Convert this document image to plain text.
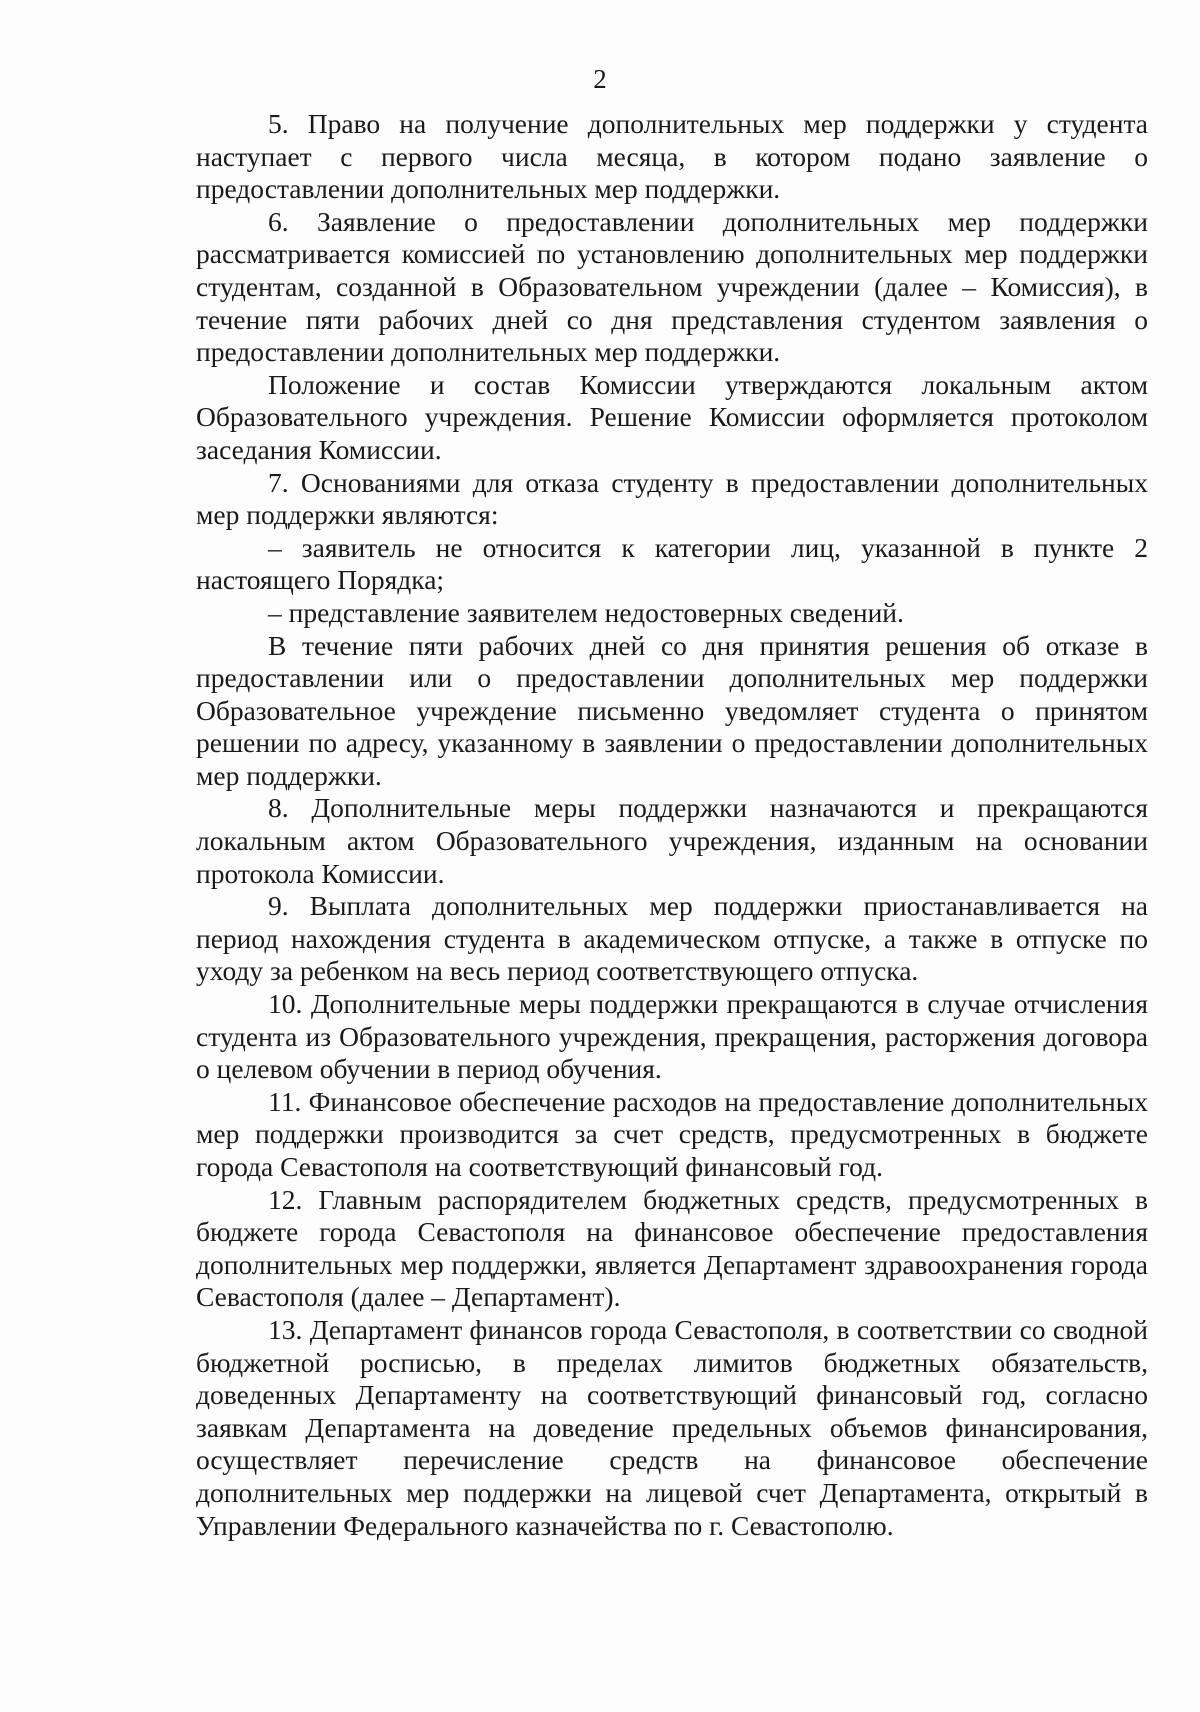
2

5. Право на получение дополнительных мер поддержки у студента наступает с первого числа месяца, в котором подано заявление о предоставлении дополнительных мер поддержки.

6. Заявление о предоставлении дополнительных мер поддержки рассматривается комиссией по установлению дополнительных мер поддержки студентам, созданной в Образовательном учреждении (далее – Комиссия), в течение пяти рабочих дней со дня представления студентом заявления о предоставлении дополнительных мер поддержки.

Положение и состав Комиссии утверждаются локальным актом Образовательного учреждения. Решение Комиссии оформляется протоколом заседания Комиссии.

7. Основаниями для отказа студенту в предоставлении дополнительных мер поддержки являются:

– заявитель не относится к категории лиц, указанной в пункте 2 настоящего Порядка;

– представление заявителем недостоверных сведений.

В течение пяти рабочих дней со дня принятия решения об отказе в предоставлении или о предоставлении дополнительных мер поддержки Образовательное учреждение письменно уведомляет студента о принятом решении по адресу, указанному в заявлении о предоставлении дополнительных мер поддержки.

8. Дополнительные меры поддержки назначаются и прекращаются локальным актом Образовательного учреждения, изданным на основании протокола Комиссии.

9. Выплата дополнительных мер поддержки приостанавливается на период нахождения студента в академическом отпуске, а также в отпуске по уходу за ребенком на весь период соответствующего отпуска.

10. Дополнительные меры поддержки прекращаются в случае отчисления студента из Образовательного учреждения, прекращения, расторжения договора о целевом обучении в период обучения.

11. Финансовое обеспечение расходов на предоставление дополнительных мер поддержки производится за счет средств, предусмотренных в бюджете города Севастополя на соответствующий финансовый год.

12. Главным распорядителем бюджетных средств, предусмотренных в бюджете города Севастополя на финансовое обеспечение предоставления дополнительных мер поддержки, является Департамент здравоохранения города Севастополя (далее – Департамент).

13. Департамент финансов города Севастополя, в соответствии со сводной бюджетной росписью, в пределах лимитов бюджетных обязательств, доведенных Департаменту на соответствующий финансовый год, согласно заявкам Департамента на доведение предельных объемов финансирования, осуществляет перечисление средств на финансовое обеспечение дополнительных мер поддержки на лицевой счет Департамента, открытый в Управлении Федерального казначейства по г. Севастополю.
